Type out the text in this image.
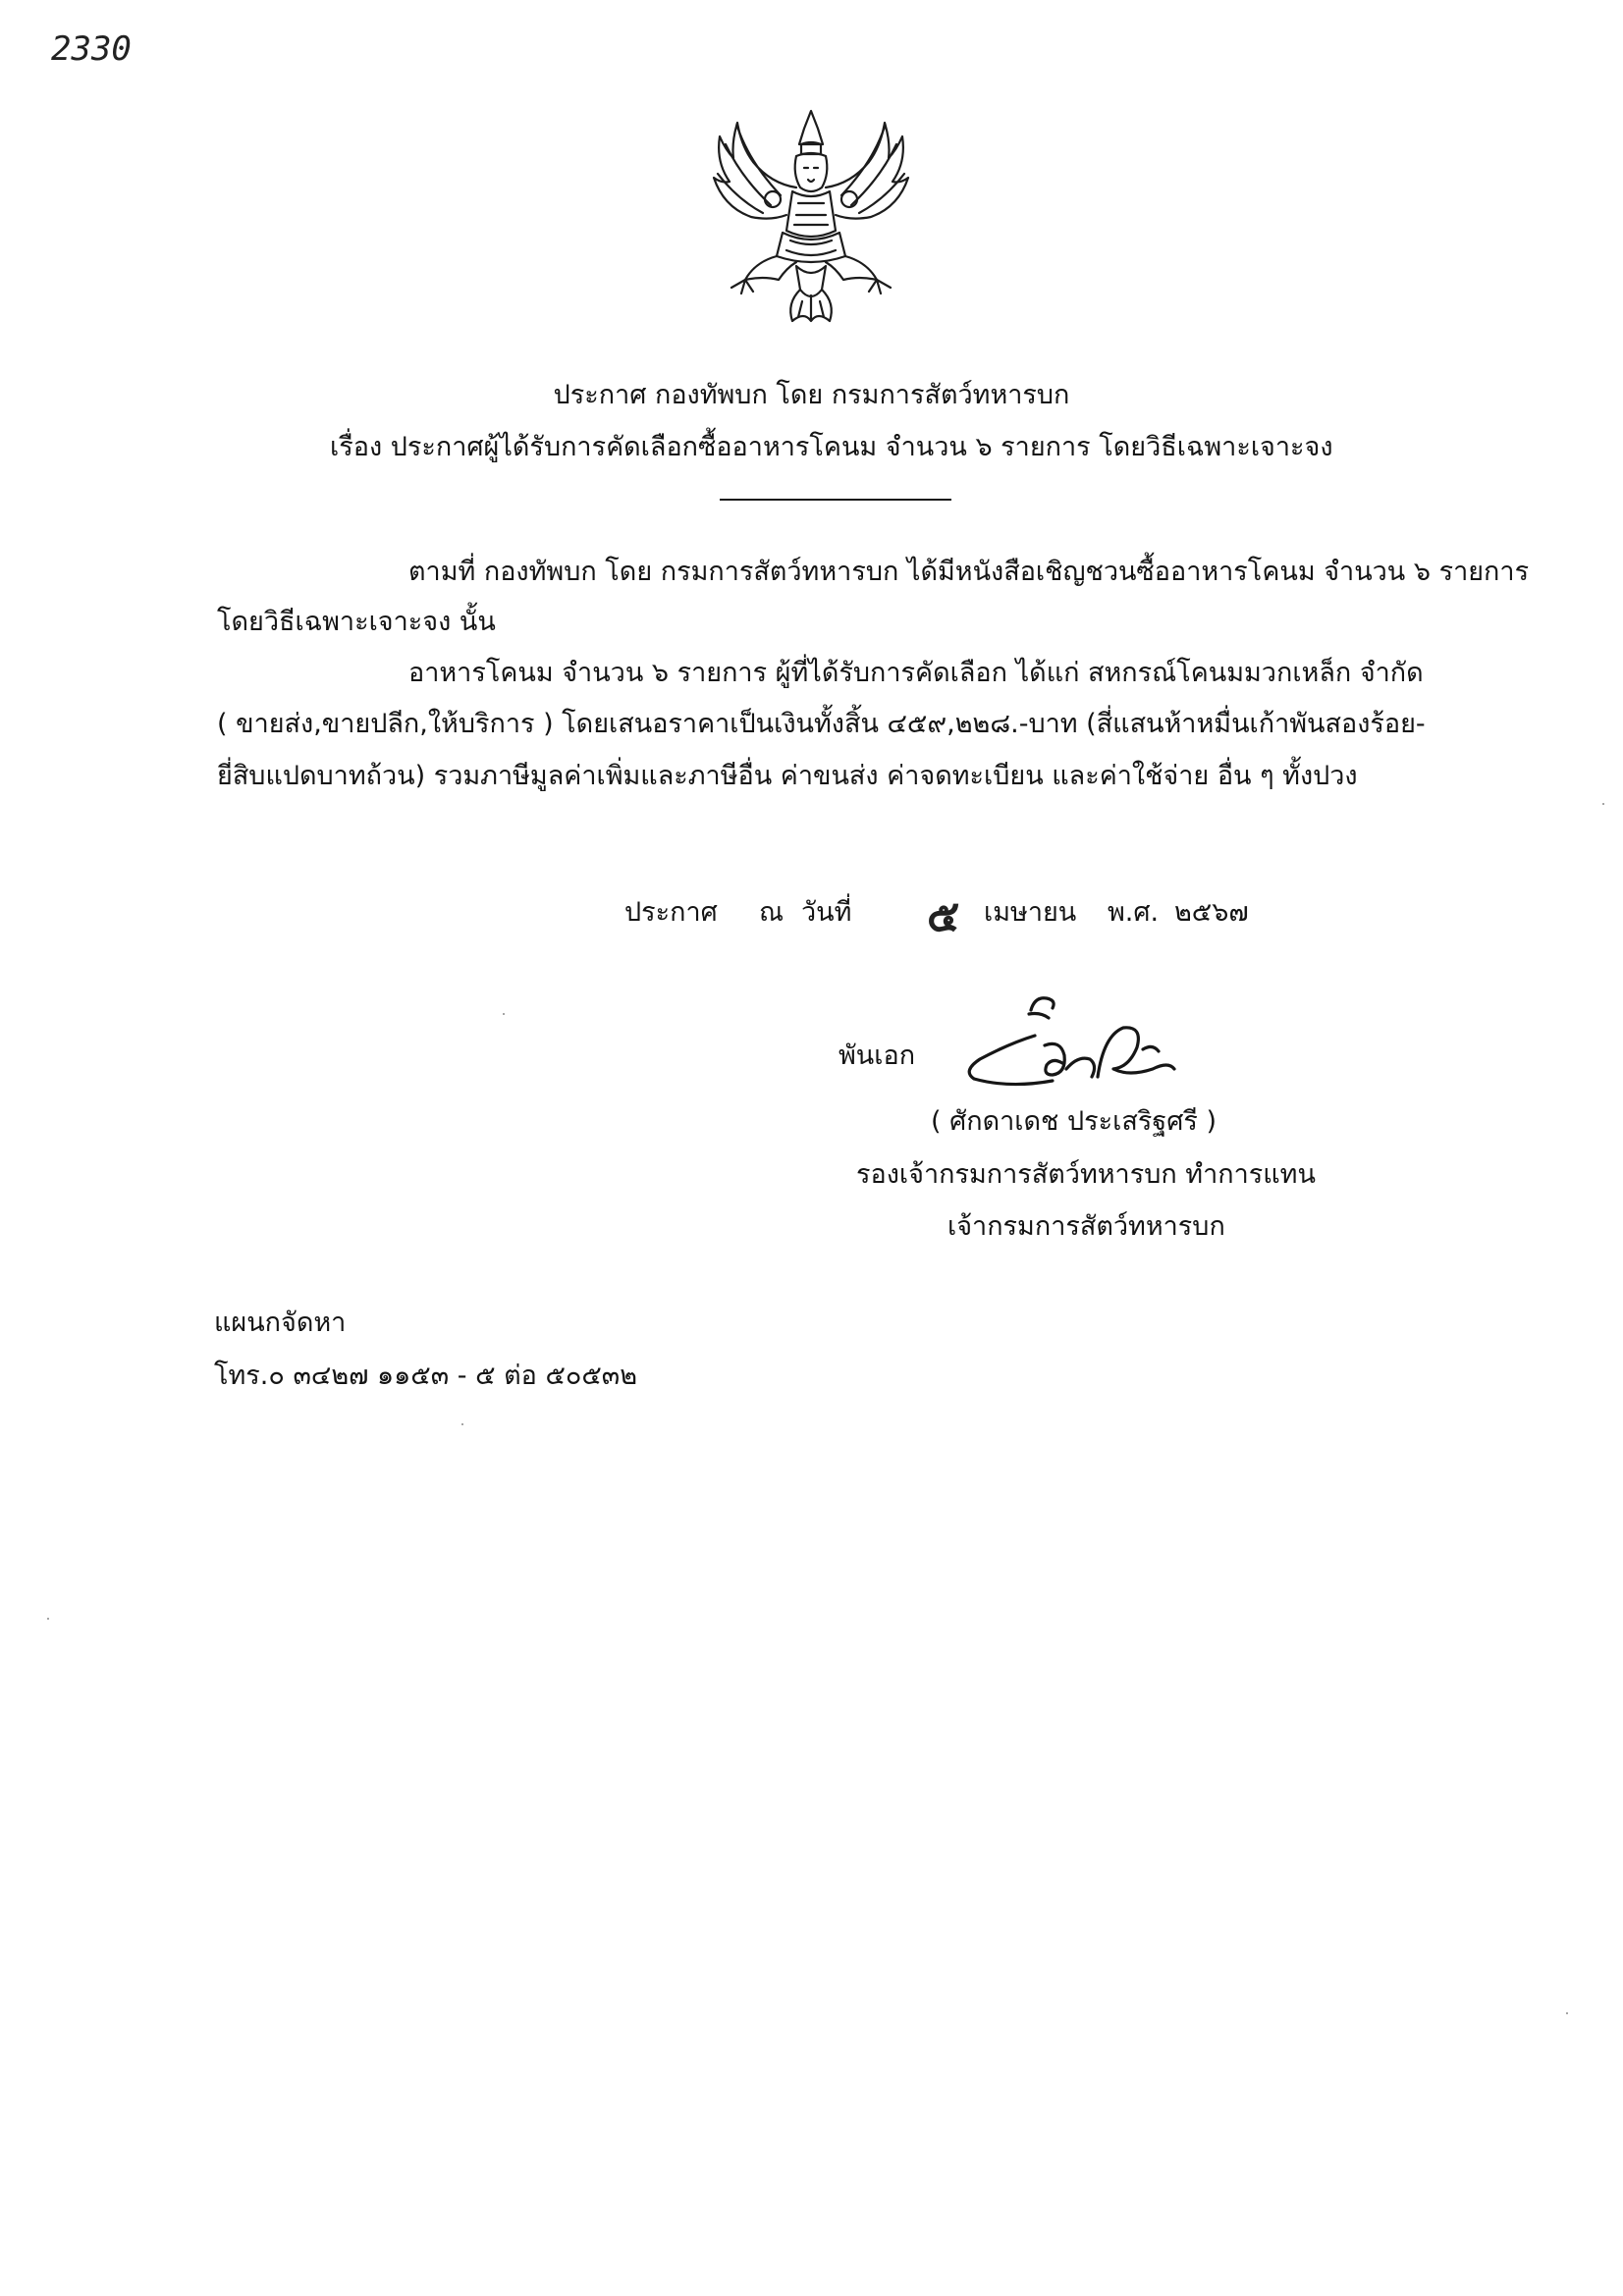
2330
ประกาศ กองทัพบก โดย กรมการสัตว์ทหารบก
เรื่อง ประกาศผู้ได้รับการคัดเลือกซื้ออาหารโคนม จำนวน ๖ รายการ โดยวิธีเฉพาะเจาะจง
ตามที่ กองทัพบก โดย กรมการสัตว์ทหารบก ได้มีหนังสือเชิญชวนซื้ออาหารโคนม จำนวน ๖ รายการ
โดยวิธีเฉพาะเจาะจง นั้น
อาหารโคนม จำนวน ๖ รายการ ผู้ที่ได้รับการคัดเลือก ได้แก่ สหกรณ์โคนมมวกเหล็ก จำกัด
( ขายส่ง,ขายปลีก,ให้บริการ ) โดยเสนอราคาเป็นเงินทั้งสิ้น ๔๕๙,๒๒๘.-บาท (สี่แสนห้าหมื่นเก้าพันสองร้อย-
ยี่สิบแปดบาทถ้วน) รวมภาษีมูลค่าเพิ่มและภาษีอื่น ค่าขนส่ง ค่าจดทะเบียน และค่าใช้จ่าย อื่น ๆ ทั้งปวง
ประกาศ ณ วันที่ ๕ เมษายน พ.ศ. ๒๕๖๗
พันเอก
( ศักดาเดช ประเสริฐศรี )
รองเจ้ากรมการสัตว์ทหารบก ทำการแทน
เจ้ากรมการสัตว์ทหารบก
แผนกจัดหา
โทร.๐ ๓๔๒๗ ๑๑๕๓ - ๕ ต่อ ๕๐๕๓๒
